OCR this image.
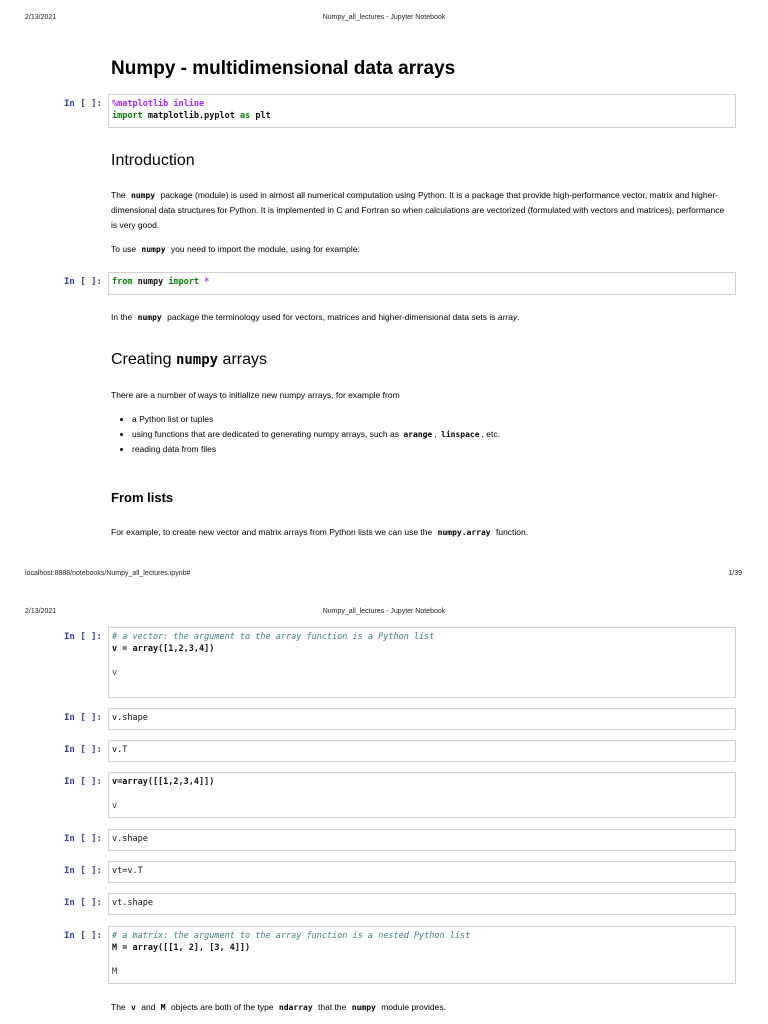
2/13/2021	Numpy_all_lectures - Jupyter Notebook
Numpy - multidimensional data arrays
In [ ]:	%matplotlib inline
import matplotlib.pyplot as plt
Introduction
The numpy package (module) is used in almost all numerical computation using Python. It is a package that provide high-performance vector, matrix and higher-dimensional data structures for Python. It is implemented in C and Fortran so when calculations are vectorized (formulated with vectors and matrices), performance is very good.
To use numpy you need to import the module, using for example:
In [ ]:	from numpy import *
In the numpy package the terminology used for vectors, matrices and higher-dimensional data sets is array.
Creating numpy arrays
There are a number of ways to initialize new numpy arrays, for example from
• a Python list or tuples
• using functions that are dedicated to generating numpy arrays, such as arange , linspace , etc.
• reading data from files
From lists
For example, to create new vector and matrix arrays from Python lists we can use the numpy.array function.
localhost:8888/notebooks/Numpy_all_lectures.ipynb#	1/39
2/13/2021	Numpy_all_lectures - Jupyter Notebook
In [ ]:	# a vector: the argument to the array function is a Python list
v = array([1,2,3,4])

v
In [ ]:	v.shape
In [ ]:	v.T
In [ ]:	v=array([[1,2,3,4]])

v
In [ ]:	v.shape
In [ ]:	vt=v.T
In [ ]:	vt.shape
In [ ]:	# a matrix: the argument to the array function is a nested Python list
M = array([[1, 2], [3, 4]])

M
The v and M objects are both of the type ndarray that the numpy module provides.
